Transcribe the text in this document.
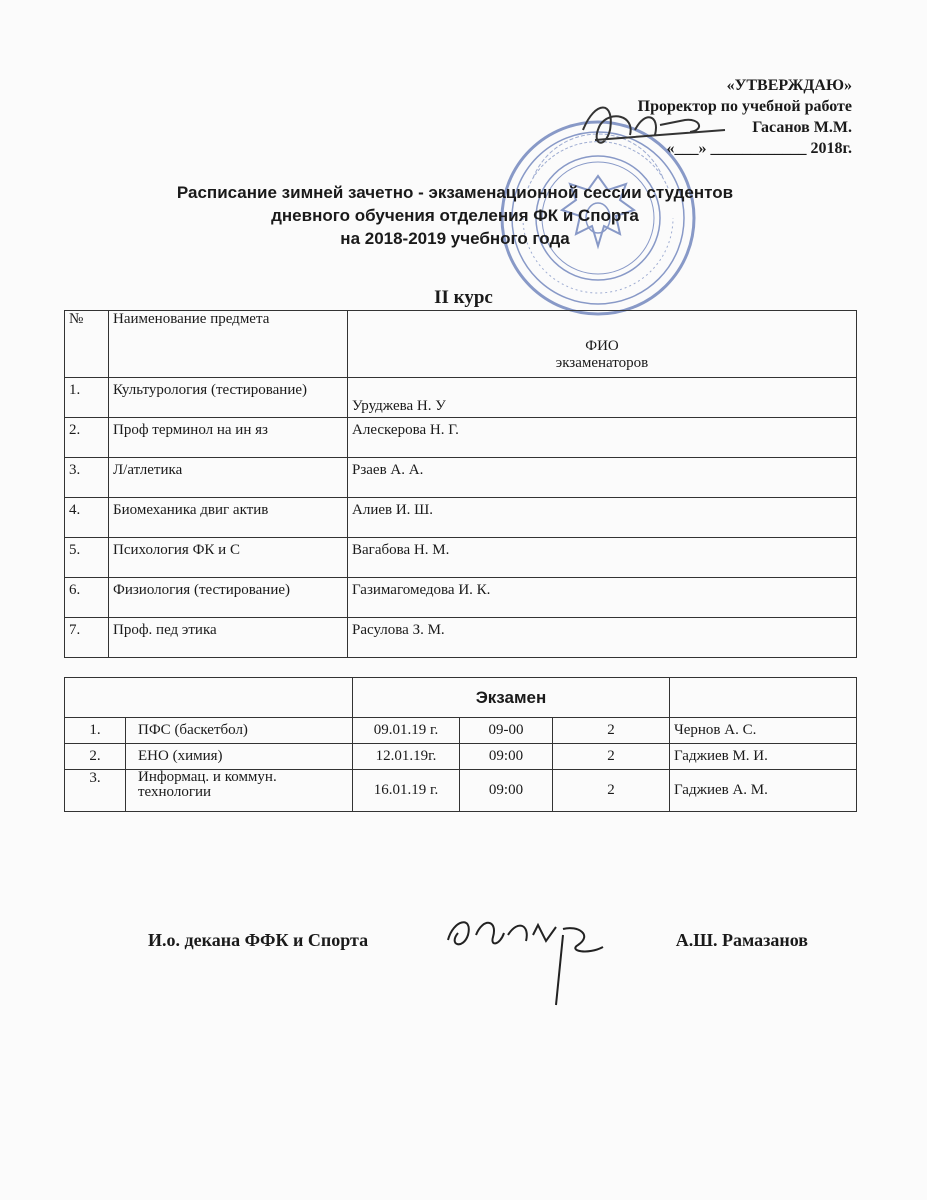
«УТВЕРЖДАЮ»
Проректор по учебной работе
Гасанов М.М.
«___» ____________ 2018г.
Расписание зимней зачетно - экзаменационной сессии студентов
дневного обучения отделения ФК и Спорта
на 2018-2019 учебного года
II курс
№	Наименование предмета	ФИО
экзаменаторов

1.	Культурология (тестирование)	Уруджева Н. У
2.	Проф терминол на ин яз	Алескерова Н. Г.
3.	Л/атлетика	Рзаев А. А.
4.	Биомеханика двиг актив	Алиев И. Ш.
5.	Психология ФК и С	Вагабова Н. М.
6.	Физиология (тестирование)	Газимагомедова И. К.
7.	Проф. пед этика	Расулова З. М.
		Экзамен			
1.	ПФС (баскетбол)	09.01.19 г.	09-00	2	Чернов А. С.
2.	ЕНО (химия)	12.01.19г.	09:00	2	Гаджиев М. И.
3.	Информац. и коммун. технологии	16.01.19 г.	09:00	2	Гаджиев А. М.
И.о. декана ФФК и Спорта	А.Ш. Рамазанов
